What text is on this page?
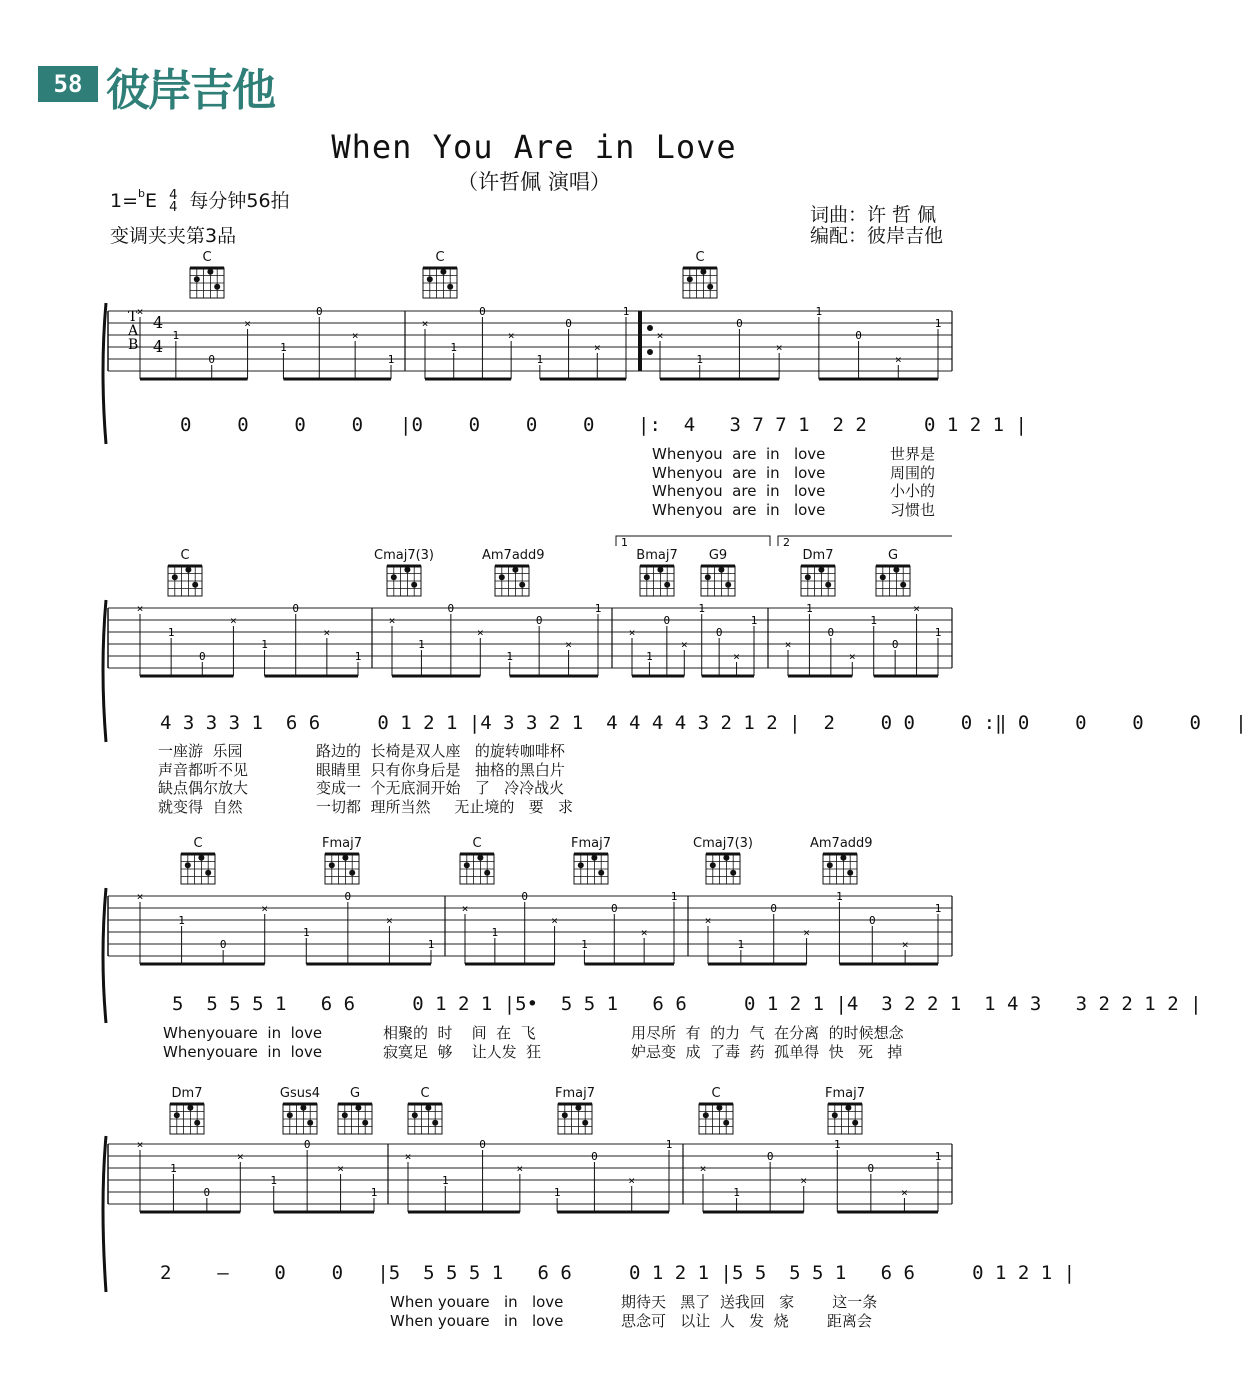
58 彼岸吉他
When You Are in Love
（许哲佩 演唱）
1=$^b$E 4
4 每分钟56拍
变调夹夹第3品
词曲：许 哲 佩
编配：彼岸吉他
×
1
0
×
1
0
×
1
×
1
0
×
1
0
×
1
×
1
0
×
1
0
×
1
×
1
0
×
1
0
×
1
×
1
0
×
1
0
×
1
×
1
0
×
1
0
×
1
×
1
0
×
1
0
×
1
×
1
0
×
1
0
×
1
×
1
0
×
1
0
×
1
×
1
0
×
1
0
×
1
×
1
0
×
1
0
×
1
×
1
0
×
1
0
×
1
×
1
0
×
1
0
×
1
T
A
B
4
4
1	2
C	C	C
0    0    0    0 |0    0    0    0 |:  4   3 7 7 1  2 2     0 1 2 1 |
Whenyou  are  in   love
Whenyou  are  in   love
Whenyou  are  in   love
Whenyou  are  in   love
世界是
周围的
小小的
习惯也
C	Cmaj7(3)	Am7add9	Bmaj7	G9	Dm7	G
4 3 3 3 1  6 6     0 1 2 1 |4 3 3 2 1  4 4 4 4 3 2 1 2 |  2    0 0    0 :‖ 0    0    0    0   |
一座游  乐园
声音都听不见
缺点偶尔放大
就变得  自然
路边的  长椅是双人座   的旋转咖啡杯
眼睛里  只有你身后是   抽格的黑白片
变成一  个无底洞开始   了   冷冷战火
一切都  理所当然     无止境的   要   求
C	Fmaj7	C	Fmaj7	Cmaj7(3)	Am7add9
5  5 5 5 1   6 6     0 1 2 1 |5•  5 5 1   6 6     0 1 2 1 |4  3 2 2 1  1 4 3   3 2 2 1 2 |
Whenyouare  in  love
Whenyouare  in  love
相聚的  时    间  在  飞
寂寞足  够    让人发  狂
用尽所  有  的力  气  在分离  的时候想念
妒忌变  成  了毒  药  孤单得  快   死   掉
Dm7	Gsus4	G	C	Fmaj7	C	Fmaj7
2    –    0    0   |5  5 5 5 1   6 6     0 1 2 1 |5 5  5 5 1   6 6     0 1 2 1 |
When youare   in   love
When youare   in   love
期待天   黑了  送我回   家        这一条
思念可   以让  人   发  烧        距离会
